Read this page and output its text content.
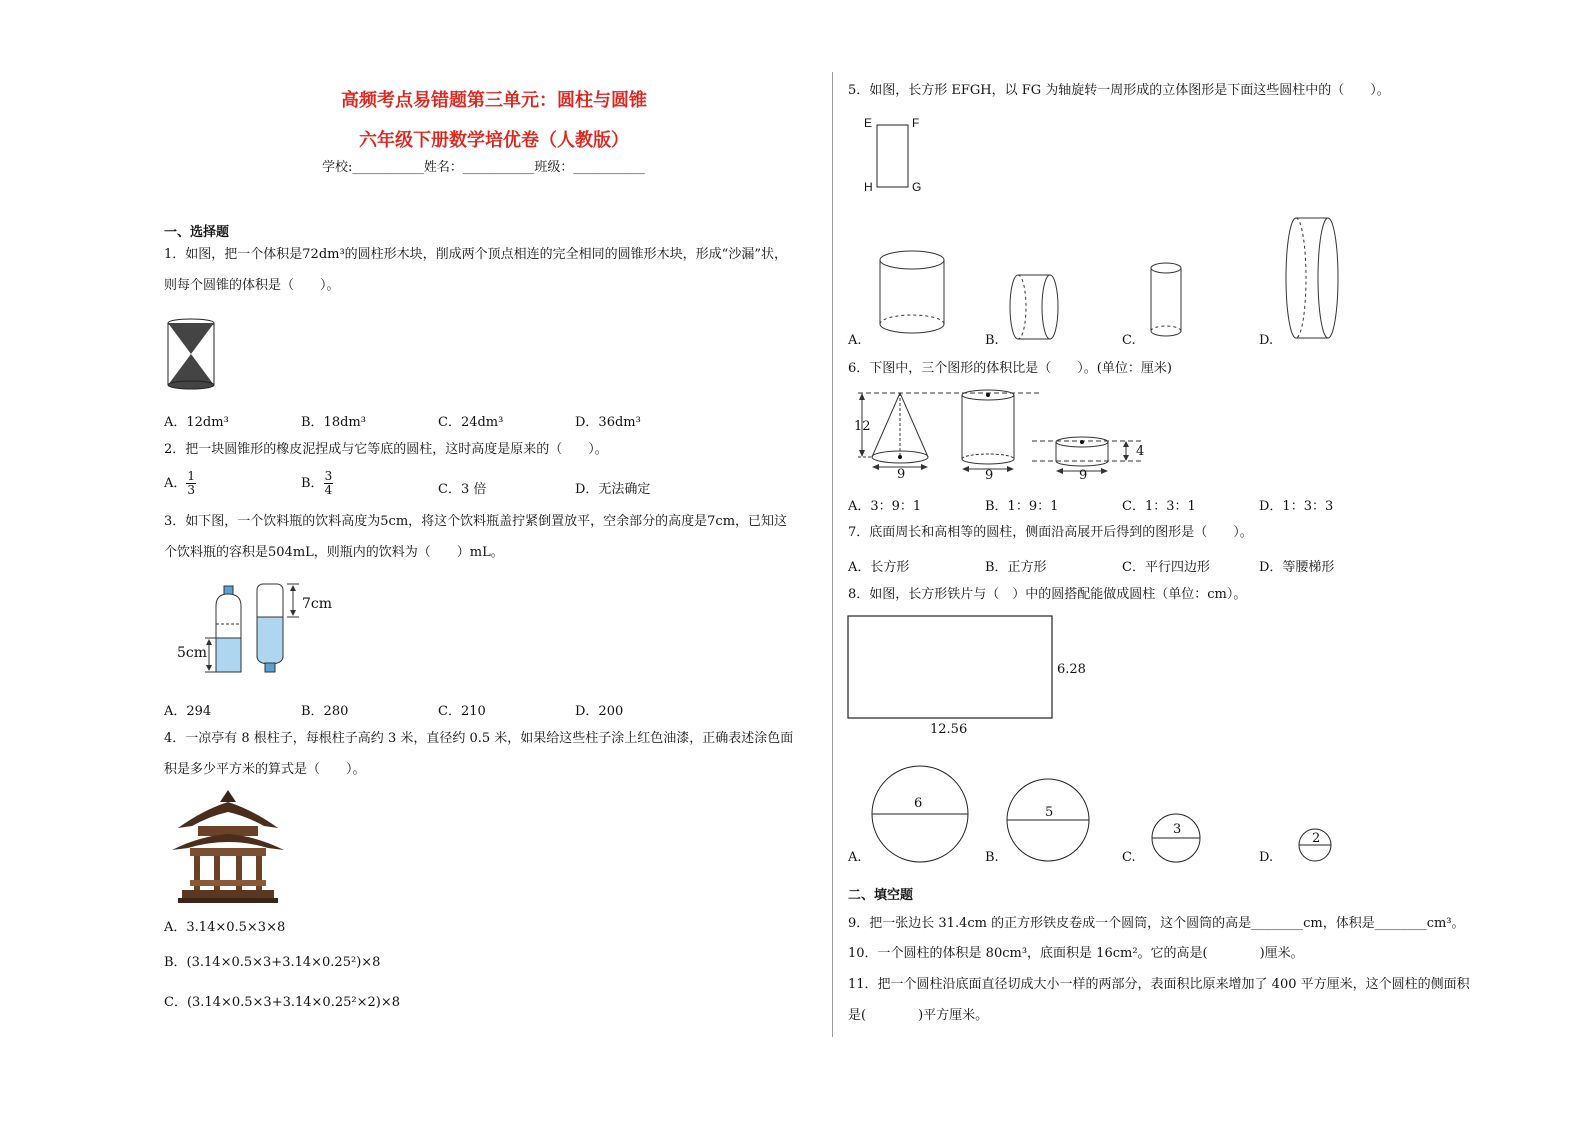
高频考点易错题第三单元：圆柱与圆锥
六年级下册数学培优卷（人教版）
学校:___________姓名：___________班级：___________
一、选择题
1．如图，把一个体积是72dm³的圆柱形木块，削成两个顶点相连的完全相同的圆锥形木块，形成“沙漏”状，
则每个圆锥的体积是（　　）。
A．12dm³	B．18dm³	C．24dm³	D．36dm³
2．把一块圆锥形的橡皮泥捏成与它等底的圆柱，这时高度是原来的（　　）。
A． $\frac{1}{3}$	B． $\frac{3}{4}$	C．3 倍	D．无法确定
3．如下图，一个饮料瓶的饮料高度为5cm，将这个饮料瓶盖拧紧倒置放平，空余部分的高度是7cm，已知这
个饮料瓶的容积是504mL，则瓶内的饮料为（　　）mL。
7cm
5cm
A．294	B．280	C．210	D．200
4．一凉亭有 8 根柱子，每根柱子高约 3 米，直径约 0.5 米，如果给这些柱子涂上红色油漆，正确表述涂色面
积是多少平方米的算式是（　　）。
A．3.14×0.5×3×8
B．(3.14×0.5×3+3.14×0.25²)×8
C．(3.14×0.5×3+3.14×0.25²×2)×8
5．如图，长方形 EFGH，以 FG 为轴旋转一周形成的立体图形是下面这些圆柱中的（　　）。
E	F
H	G
A.	B.	C.	D.
6．下图中，三个图形的体积比是（　　）。(单位：厘米)
12
9	9	9
4
A．3：9：1	B．1：9：1	C．1：3：1	D．1：3：3
7．底面周长和高相等的圆柱，侧面沿高展开后得到的图形是（　　）。
A．长方形	B．正方形	C．平行四边形	D．等腰梯形
8．如图，长方形铁片与（　）中的圆搭配能做成圆柱（单位：cm）。
6.28
12.56
6
5
3
2
A.	B.	C.	D.
二、填空题
9．把一张边长 31.4cm 的正方形铁皮卷成一个圆筒，这个圆筒的高是________cm，体积是________cm³。
10．一个圆柱的体积是 80cm³，底面积是 16cm²。它的高是(　　　　)厘米。
11．把一个圆柱沿底面直径切成大小一样的两部分，表面积比原来增加了 400 平方厘米，这个圆柱的侧面积
是(　　　　)平方厘米。
